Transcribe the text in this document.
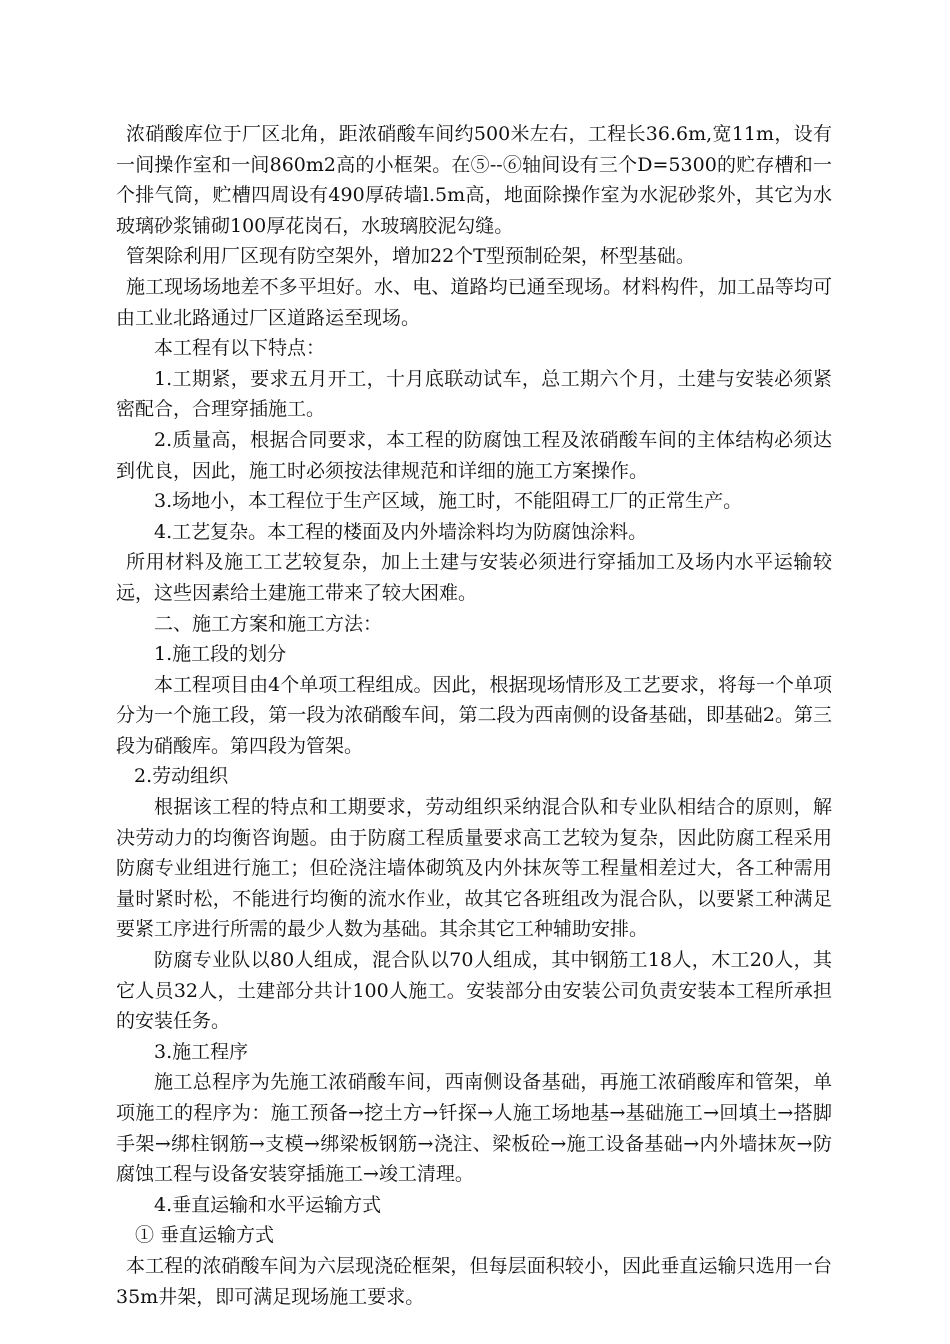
浓硝酸库位于厂区北角，距浓硝酸车间约500米左右，工程长36.6m,宽11m，设有一间操作室和一间860m2高的小框架。在⑤--⑥轴间设有三个D=5300的贮存槽和一个排气筒，贮槽四周设有490厚砖墙l.5m高，地面除操作室为水泥砂浆外，其它为水玻璃砂浆铺砌100厚花岗石，水玻璃胶泥勾缝。

管架除利用厂区现有防空架外，增加22个T型预制砼架，杯型基础。

施工现场场地差不多平坦好。水、电、道路均已通至现场。材料构件，加工品等均可由工业北路通过厂区道路运至现场。

本工程有以下特点：

1.工期紧，要求五月开工，十月底联动试车，总工期六个月，土建与安装必须紧密配合，合理穿插施工。

2.质量高，根据合同要求，本工程的防腐蚀工程及浓硝酸车间的主体结构必须达到优良，因此，施工时必须按法律规范和详细的施工方案操作。

3.场地小，本工程位于生产区域，施工时，不能阻碍工厂的正常生产。

4.工艺复杂。本工程的楼面及内外墙涂料均为防腐蚀涂料。

所用材料及施工工艺较复杂，加上土建与安装必须进行穿插加工及场内水平运输较远，这些因素给土建施工带来了较大困难。

二、施工方案和施工方法：

1.施工段的划分

本工程项目由4个单项工程组成。因此，根据现场情形及工艺要求，将每一个单项分为一个施工段，第一段为浓硝酸车间，第二段为西南侧的设备基础，即基础2。第三段为硝酸库。第四段为管架。

2.劳动组织

根据该工程的特点和工期要求，劳动组织采纳混合队和专业队相结合的原则，解决劳动力的均衡咨询题。由于防腐工程质量要求高工艺较为复杂，因此防腐工程采用防腐专业组进行施工；但砼浇注墙体砌筑及内外抹灰等工程量相差过大，各工种需用量时紧时松，不能进行均衡的流水作业，故其它各班组改为混合队，以要紧工种满足要紧工序进行所需的最少人数为基础。其余其它工种辅助安排。

防腐专业队以80人组成，混合队以70人组成，其中钢筋工18人，木工20人，其它人员32人，土建部分共计100人施工。安装部分由安装公司负责安装本工程所承担的安装任务。

3.施工程序

施工总程序为先施工浓硝酸车间，西南侧设备基础，再施工浓硝酸库和管架，单项施工的程序为：施工预备→挖土方→钎探→人施工场地基→基础施工→回填土→搭脚手架→绑柱钢筋→支模→绑梁板钢筋→浇注、梁板砼→施工设备基础→内外墙抹灰→防腐蚀工程与设备安装穿插施工→竣工清理。

4.垂直运输和水平运输方式

① 垂直运输方式

本工程的浓硝酸车间为六层现浇砼框架，但每层面积较小，因此垂直运输只选用一台35m井架，即可满足现场施工要求。
